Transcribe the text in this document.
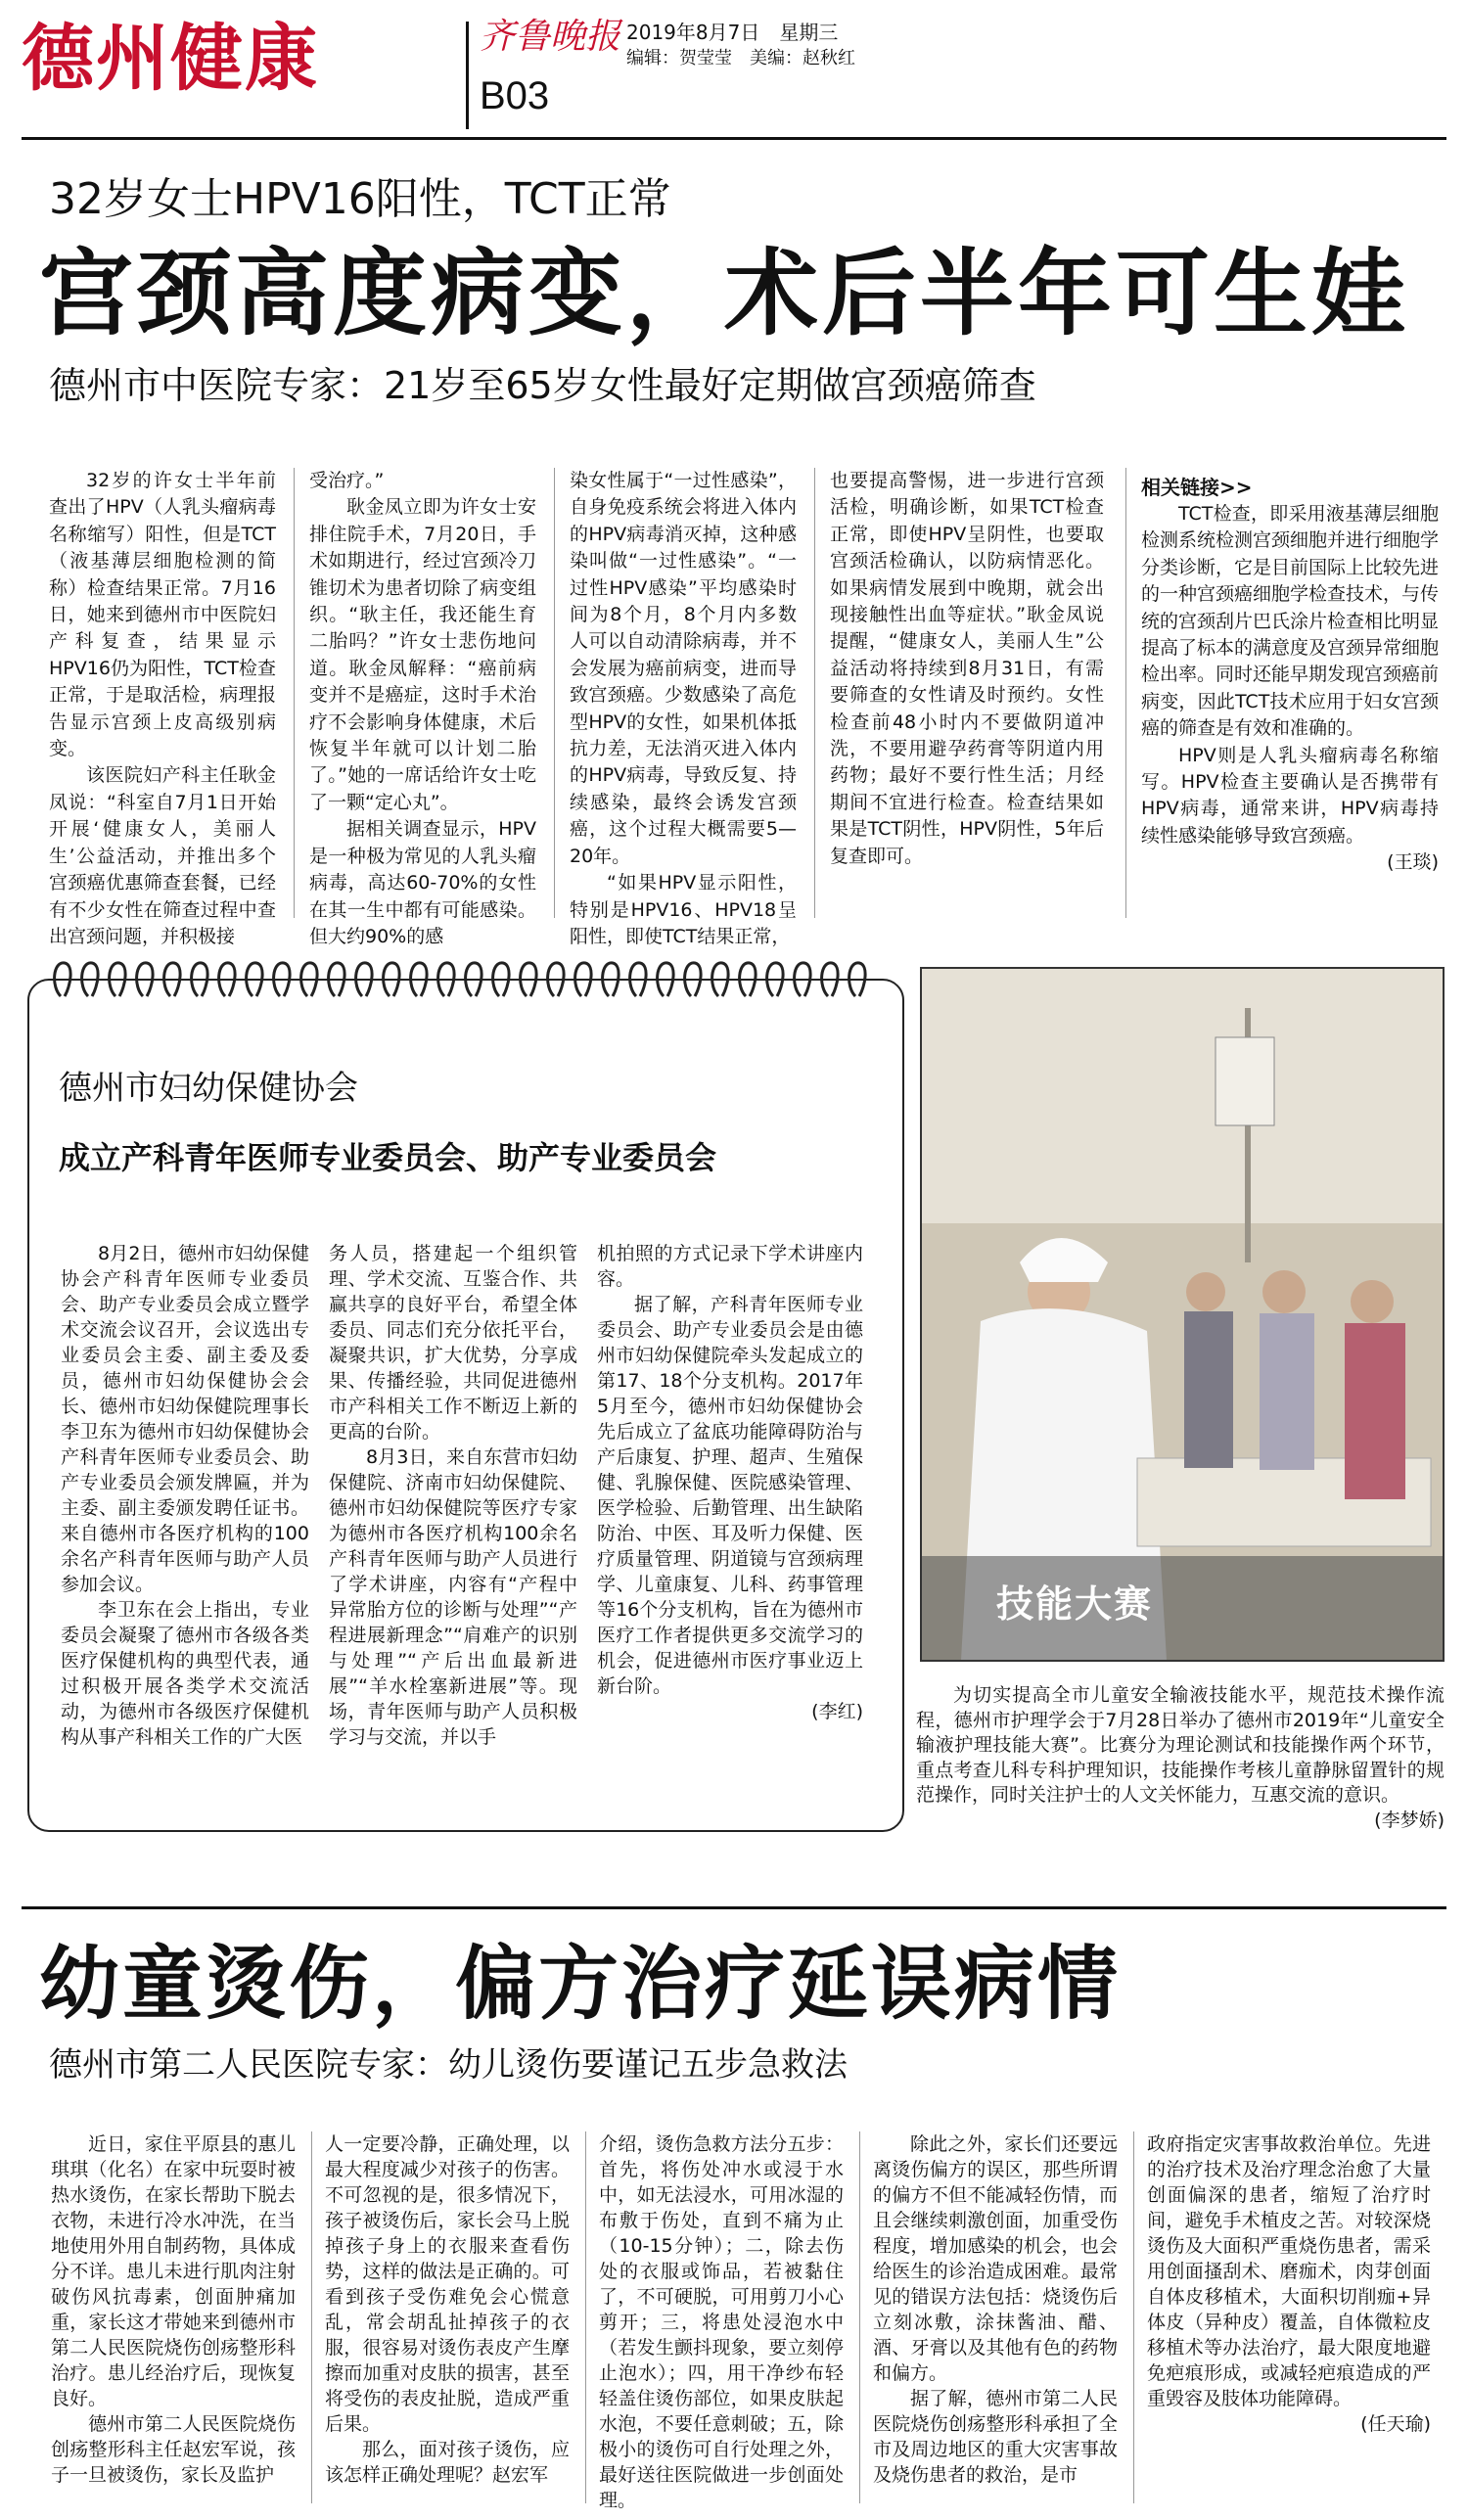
德州健康	齐鲁晚报
B03
2019年8月7日　星期三
编辑：贺莹莹　美编：赵秋红
32岁女士HPV16阳性，TCT正常
宫颈高度病变，术后半年可生娃
德州市中医院专家：21岁至65岁女性最好定期做宫颈癌筛查

32岁的许女士半年前查出了HPV（人乳头瘤病毒名称缩写）阳性，但是TCT（液基薄层细胞检测的简称）检查结果正常。7月16日，她来到德州市中医院妇产科复查，结果显示HPV16仍为阳性，TCT检查正常，于是取活检，病理报告显示宫颈上皮高级别病变。

该医院妇产科主任耿金凤说：“科室自7月1日开始开展‘健康女人，美丽人生’公益活动，并推出多个宫颈癌优惠筛查套餐，已经有不少女性在筛查过程中查出宫颈问题，并积极接

受治疗。”

耿金凤立即为许女士安排住院手术，7月20日，手术如期进行，经过宫颈冷刀锥切术为患者切除了病变组织。“耿主任，我还能生育二胎吗？”许女士悲伤地问道。耿金凤解释：“癌前病变并不是癌症，这时手术治疗不会影响身体健康，术后恢复半年就可以计划二胎了。”她的一席话给许女士吃了一颗“定心丸”。

据相关调查显示，HPV是一种极为常见的人乳头瘤病毒，高达60-70%的女性在其一生中都有可能感染。但大约90%的感

染女性属于“一过性感染”，自身免疫系统会将进入体内的HPV病毒消灭掉，这种感染叫做“一过性感染”。“一过性HPV感染”平均感染时间为8个月，8个月内多数人可以自动清除病毒，并不会发展为癌前病变，进而导致宫颈癌。少数感染了高危型HPV的女性，如果机体抵抗力差，无法消灭进入体内的HPV病毒，导致反复、持续感染，最终会诱发宫颈癌，这个过程大概需要5—20年。

“如果HPV显示阳性，特别是HPV16、HPV18呈阳性，即使TCT结果正常，

也要提高警惕，进一步进行宫颈活检，明确诊断，如果TCT检查正常，即使HPV呈阴性，也要取宫颈活检确认，以防病情恶化。如果病情发展到中晚期，就会出现接触性出血等症状。”耿金凤说提醒，“健康女人，美丽人生”公益活动将持续到8月31日，有需要筛查的女性请及时预约。女性检查前48小时内不要做阴道冲洗，不要用避孕药膏等阴道内用药物；最好不要行性生活；月经期间不宜进行检查。检查结果如果是TCT阴性，HPV阴性，5年后复查即可。

相关链接>>

TCT检查，即采用液基薄层细胞检测系统检测宫颈细胞并进行细胞学分类诊断，它是目前国际上比较先进的一种宫颈癌细胞学检查技术，与传统的宫颈刮片巴氏涂片检查相比明显提高了标本的满意度及宫颈异常细胞检出率。同时还能早期发现宫颈癌前病变，因此TCT技术应用于妇女宫颈癌的筛查是有效和准确的。

HPV则是人乳头瘤病毒名称缩写。HPV检查主要确认是否携带有HPV病毒，通常来讲，HPV病毒持续性感染能够导致宫颈癌。

(王琰)
德州市妇幼保健协会
成立产科青年医师专业委员会、助产专业委员会

8月2日，德州市妇幼保健协会产科青年医师专业委员会、助产专业委员会成立暨学术交流会议召开，会议选出专业委员会主委、副主委及委员，德州市妇幼保健协会会长、德州市妇幼保健院理事长李卫东为德州市妇幼保健协会产科青年医师专业委员会、助产专业委员会颁发牌匾，并为主委、副主委颁发聘任证书。来自德州市各医疗机构的100余名产科青年医师与助产人员参加会议。

李卫东在会上指出，专业委员会凝聚了德州市各级各类医疗保健机构的典型代表，通过积极开展各类学术交流活动，为德州市各级医疗保健机构从事产科相关工作的广大医

务人员，搭建起一个组织管理、学术交流、互鉴合作、共赢共享的良好平台，希望全体委员、同志们充分依托平台，凝聚共识，扩大优势，分享成果、传播经验，共同促进德州市产科相关工作不断迈上新的更高的台阶。

8月3日，来自东营市妇幼保健院、济南市妇幼保健院、德州市妇幼保健院等医疗专家为德州市各医疗机构100余名产科青年医师与助产人员进行了学术讲座，内容有“产程中异常胎方位的诊断与处理”“产程进展新理念”“肩难产的识别与处理”“产后出血最新进展”“羊水栓塞新进展”等。现场，青年医师与助产人员积极学习与交流，并以手

机拍照的方式记录下学术讲座内容。

据了解，产科青年医师专业委员会、助产专业委员会是由德州市妇幼保健院牵头发起成立的第17、18个分支机构。2017年5月至今，德州市妇幼保健协会先后成立了盆底功能障碍防治与产后康复、护理、超声、生殖保健、乳腺保健、医院感染管理、医学检验、后勤管理、出生缺陷防治、中医、耳及听力保健、医疗质量管理、阴道镜与宫颈病理学、儿童康复、儿科、药事管理等16个分支机构，旨在为德州市医疗工作者提供更多交流学习的机会，促进德州市医疗事业迈上新台阶。

(李红)
技能大赛

为切实提高全市儿童安全输液技能水平，规范技术操作流程，德州市护理学会于7月28日举办了德州市2019年“儿童安全输液护理技能大赛”。比赛分为理论测试和技能操作两个环节，重点考查儿科专科护理知识，技能操作考核儿童静脉留置针的规范操作，同时关注护士的人文关怀能力，互惠交流的意识。

(李梦娇)
幼童烫伤，偏方治疗延误病情
德州市第二人民医院专家：幼儿烫伤要谨记五步急救法

近日，家住平原县的惠儿琪琪（化名）在家中玩耍时被热水烫伤，在家长帮助下脱去衣物，未进行冷水冲洗，在当地使用外用自制药物，具体成分不详。患儿未进行肌肉注射破伤风抗毒素，创面肿痛加重，家长这才带她来到德州市第二人民医院烧伤创疡整形科治疗。患儿经治疗后，现恢复良好。

德州市第二人民医院烧伤创疡整形科主任赵宏军说，孩子一旦被烫伤，家长及监护

人一定要冷静，正确处理，以最大程度减少对孩子的伤害。不可忽视的是，很多情况下，孩子被烫伤后，家长会马上脱掉孩子身上的衣服来查看伤势，这样的做法是正确的。可看到孩子受伤难免会心慌意乱，常会胡乱扯掉孩子的衣服，很容易对烫伤表皮产生摩擦而加重对皮肤的损害，甚至将受伤的表皮扯脱，造成严重后果。

那么，面对孩子烫伤，应该怎样正确处理呢？赵宏军

介绍，烫伤急救方法分五步：首先，将伤处冲水或浸于水中，如无法浸水，可用冰湿的布敷于伤处，直到不痛为止（10-15分钟）；二，除去伤处的衣服或饰品，若被黏住了，不可硬脱，可用剪刀小心剪开；三，将患处浸泡水中（若发生颤抖现象，要立刻停止泡水）；四，用干净纱布轻轻盖住烫伤部位，如果皮肤起水泡，不要任意刺破；五，除极小的烫伤可自行处理之外，最好送往医院做进一步创面处理。

除此之外，家长们还要远离烫伤偏方的误区，那些所谓的偏方不但不能减轻伤情，而且会继续刺激创面，加重受伤程度，增加感染的机会，也会给医生的诊治造成困难。最常见的错误方法包括：烧烫伤后立刻冰敷，涂抹酱油、醋、酒、牙膏以及其他有色的药物和偏方。

据了解，德州市第二人民医院烧伤创疡整形科承担了全市及周边地区的重大灾害事故及烧伤患者的救治，是市

政府指定灾害事故救治单位。先进的治疗技术及治疗理念治愈了大量创面偏深的患者，缩短了治疗时间，避免手术植皮之苦。对较深烧烫伤及大面积严重烧伤患者，需采用创面搔刮术、磨痂术，肉芽创面自体皮移植术，大面积切削痂+异体皮（异种皮）覆盖，自体微粒皮移植术等办法治疗，最大限度地避免疤痕形成，或减轻疤痕造成的严重毁容及肢体功能障碍。

(任天瑜)
